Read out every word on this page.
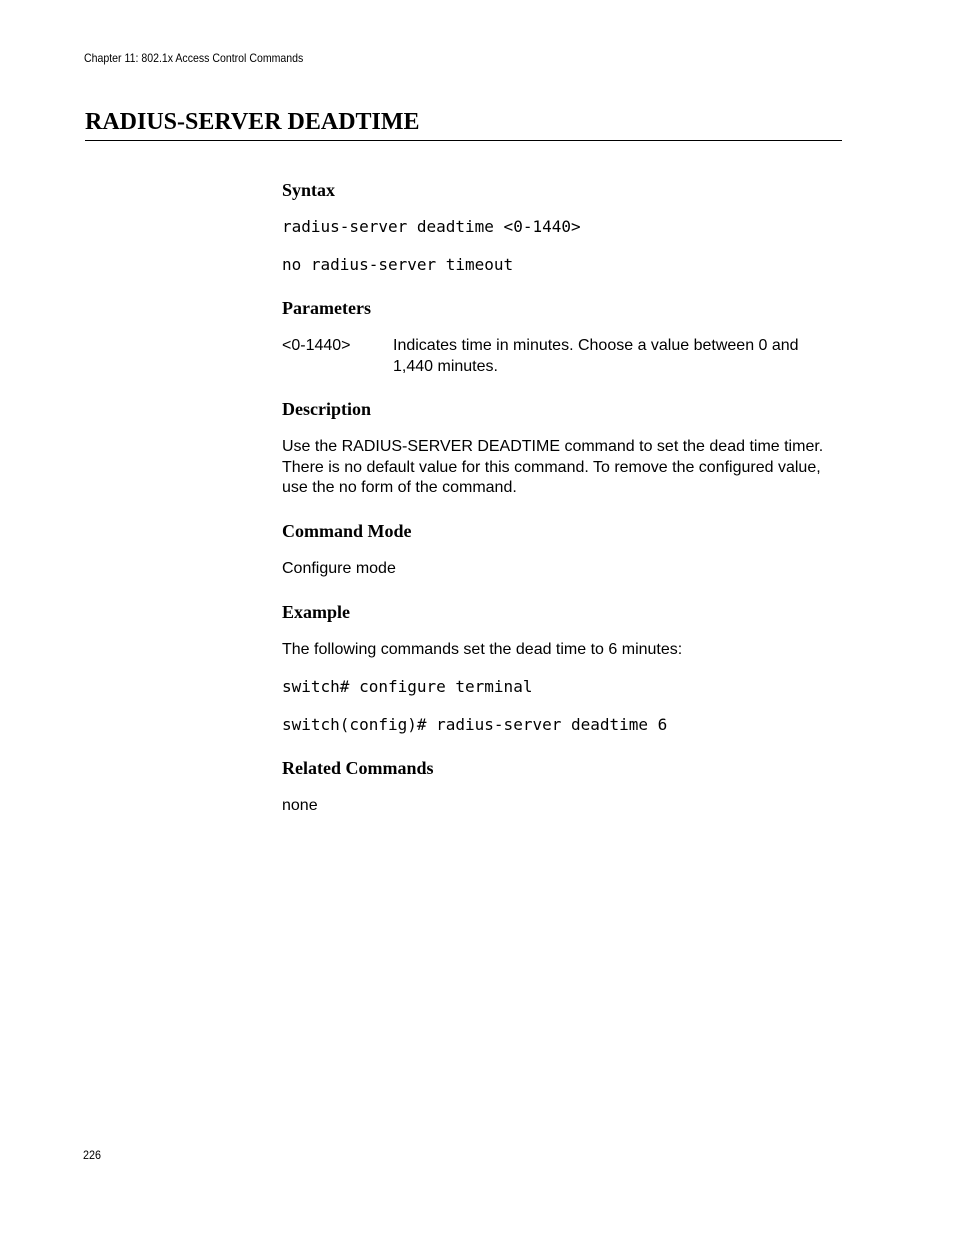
Chapter 11: 802.1x Access Control Commands
RADIUS-SERVER DEADTIME
Syntax
radius-server deadtime <0-1440>
no radius-server timeout
Parameters
<0-1440>	Indicates time in minutes. Choose a value between 0 and 1,440 minutes.

Description

Use the RADIUS-SERVER DEADTIME command to set the dead time timer. There is no default value for this command. To remove the configured value, use the no form of the command.

Command Mode

Configure mode

Example

The following commands set the dead time to 6 minutes:

switch# configure terminal
switch(config)# radius-server deadtime 6
Related Commands

none

226
